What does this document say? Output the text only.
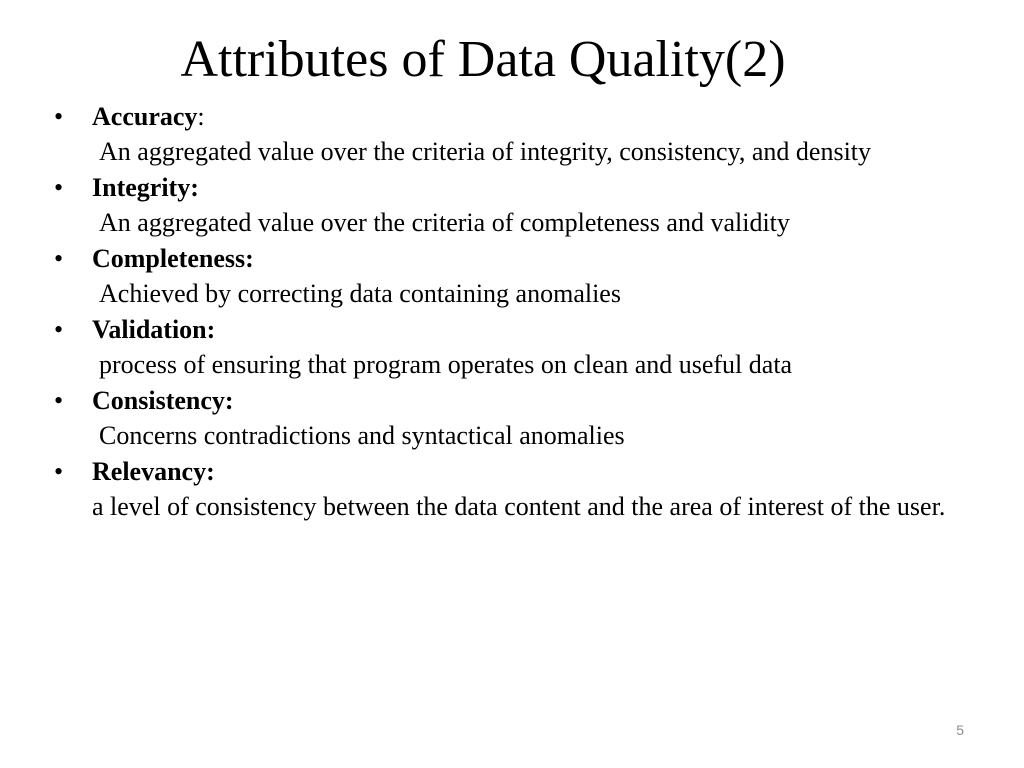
Attributes of Data Quality(2)
• Accuracy:
An aggregated value over the criteria of integrity, consistency, and density
• Integrity:
An aggregated value over the criteria of completeness and validity
• Completeness:
Achieved by correcting data containing anomalies
• Validation:
process of ensuring that program operates on clean and useful data
• Consistency:
Concerns contradictions and syntactical anomalies
• Relevancy:
a level of consistency between the data content and the area of interest of the user.
5
